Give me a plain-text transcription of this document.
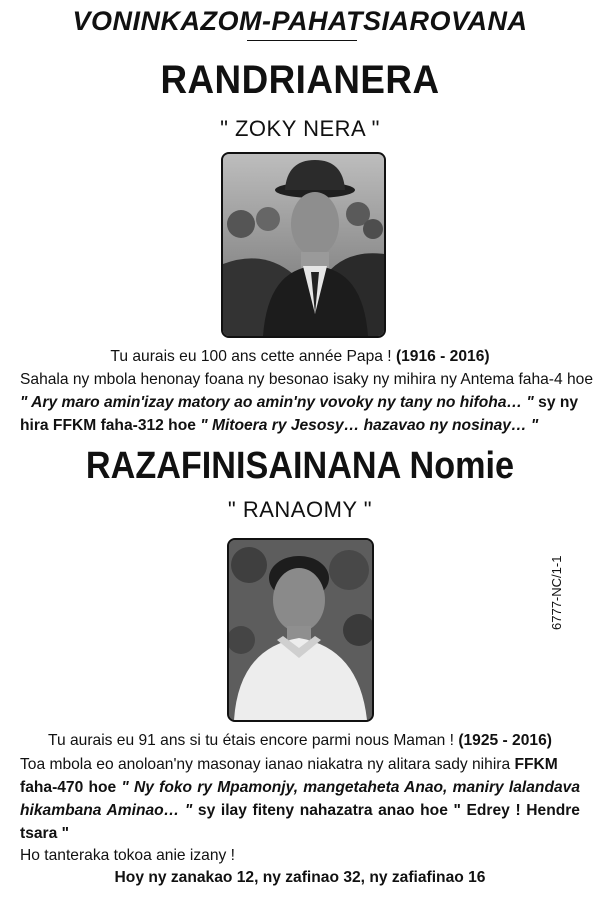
VONINKAZOM-PAHATSIAROVANA
RANDRIANERA
" ZOKY NERA "
Tu aurais eu 100 ans cette année Papa ! (1916 - 2016)
Sahala ny mbola henonay foana ny besonao isaky ny mihira ny Antema faha-4 hoe
" Ary maro amin'izay matory ao amin'ny vovoky ny tany no hifoha… " sy ny
hira FFKM faha-312 hoe " Mitoera ry Jesosy… hazavao ny nosinay… "
RAZAFINISAINANA Nomie
" RANAOMY "
Tu aurais eu 91 ans si tu étais encore parmi nous Maman ! (1925 - 2016)
Toa mbola eo anoloan'ny masonay ianao niakatra ny alitara sady nihira FFKM
faha-470 hoe " Ny foko ry Mpamonjy, mangetaheta Anao, maniry lalandava
hikambana Aminao… " sy ilay fiteny nahazatra anao hoe " Edrey ! Hendre
tsara "
Ho tanteraka tokoa anie izany !
Hoy ny zanakao 12, ny zafinao 32, ny zafiafinao 16
6777-NC/1-1
